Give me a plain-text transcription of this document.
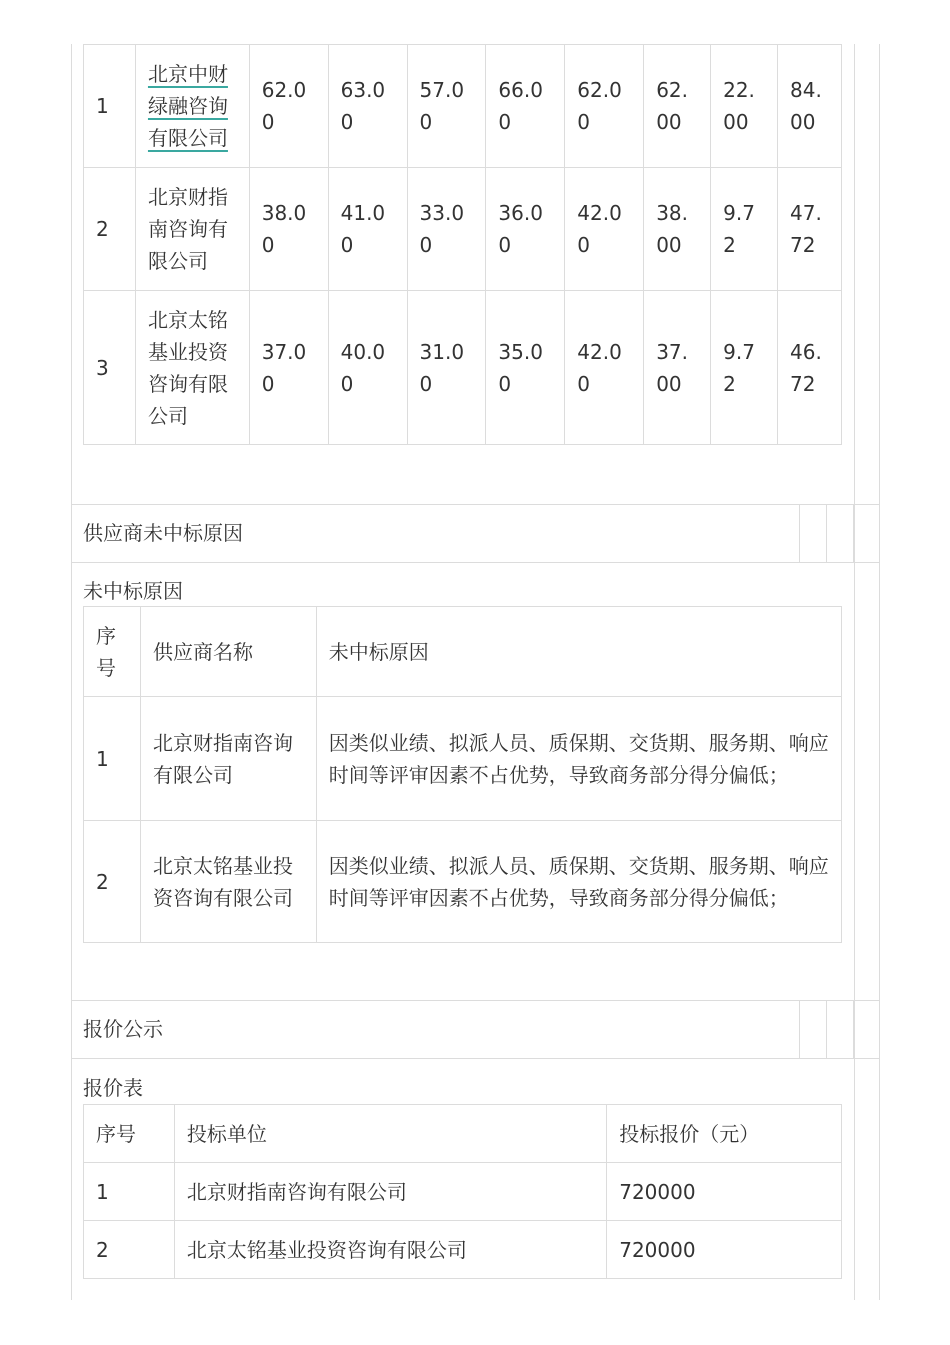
1	北京中财绿融咨询有限公司	62.00	63.00	57.00	66.00	62.00	62.00	22.00	84.00
2	北京财指南咨询有限公司	38.00	41.00	33.00	36.00	42.00	38.00	9.72	47.72
3	北京太铭基业投资咨询有限公司	37.00	40.00	31.00	35.00	42.00	37.00	9.72	46.72
供应商未中标原因
未中标原因
序号	供应商名称	未中标原因
1	北京财指南咨询有限公司	因类似业绩、拟派人员、质保期、交货期、服务期、响应时间等评审因素不占优势，导致商务部分得分偏低；
2	北京太铭基业投资咨询有限公司	因类似业绩、拟派人员、质保期、交货期、服务期、响应时间等评审因素不占优势，导致商务部分得分偏低；
报价公示
报价表
序号	投标单位	投标报价（元）
1	北京财指南咨询有限公司	720000
2	北京太铭基业投资咨询有限公司	720000
